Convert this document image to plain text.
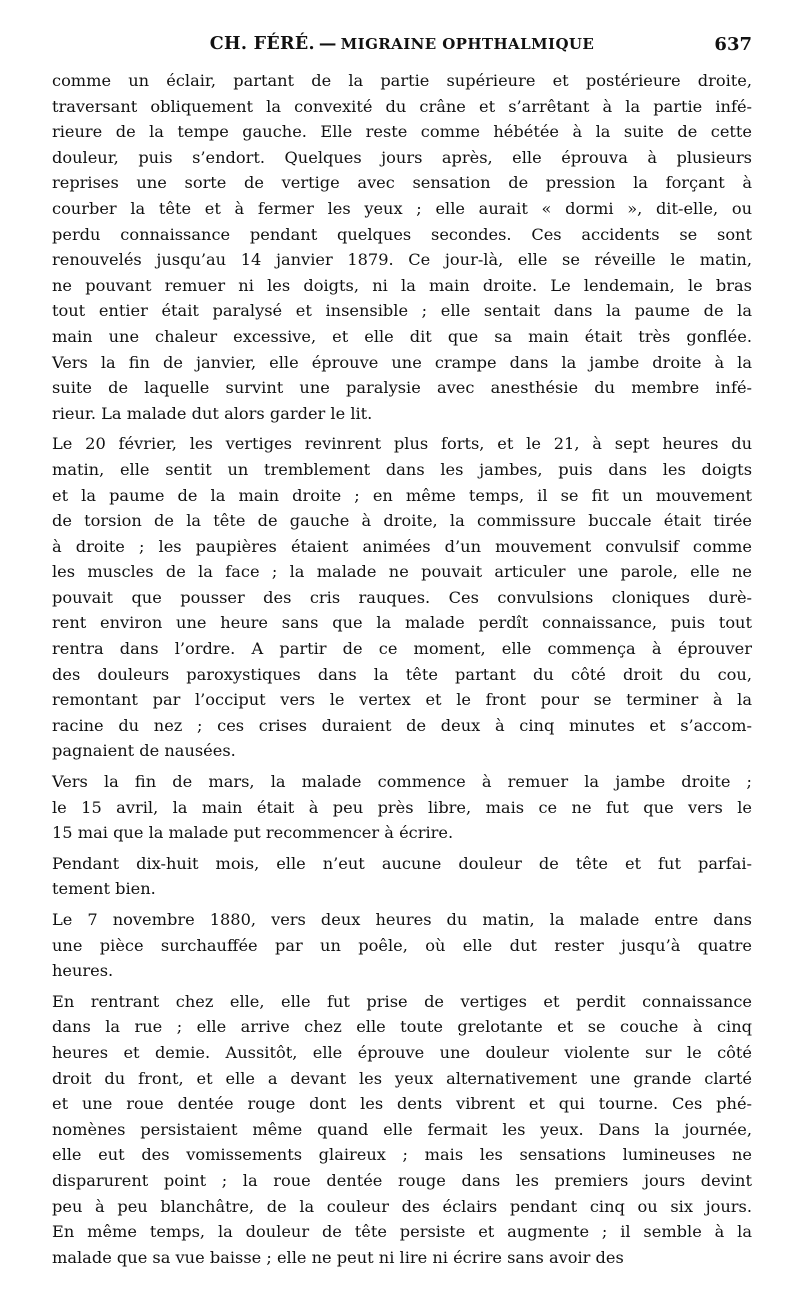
CH. FÉRÉ. — MIGRAINE OPHTHALMIQUE	637

comme un éclair, partant de la partie supérieure et postérieure droite,
traversant obliquement la convexité du crâne et s’arrêtant à la partie infé-
rieure de la tempe gauche. Elle reste comme hébétée à la suite de cette
douleur, puis s’endort. Quelques jours après, elle éprouva à plusieurs
reprises une sorte de vertige avec sensation de pression la forçant à
courber la tête et à fermer les yeux ; elle aurait « dormi », dit-elle, ou
perdu connaissance pendant quelques secondes. Ces accidents se sont
renouvelés jusqu’au 14 janvier 1879. Ce jour-là, elle se réveille le matin,
ne pouvant remuer ni les doigts, ni la main droite. Le lendemain, le bras
tout entier était paralysé et insensible ; elle sentait dans la paume de la
main une chaleur excessive, et elle dit que sa main était très gonflée.
Vers la fin de janvier, elle éprouve une crampe dans la jambe droite à la
suite de laquelle survint une paralysie avec anesthésie du membre infé-
rieur. La malade dut alors garder le lit.

Le 20 février, les vertiges revinrent plus forts, et le 21, à sept heures du
matin, elle sentit un tremblement dans les jambes, puis dans les doigts
et la paume de la main droite ; en même temps, il se fit un mouvement
de torsion de la tête de gauche à droite, la commissure buccale était tirée
à droite ; les paupières étaient animées d’un mouvement convulsif comme
les muscles de la face ; la malade ne pouvait articuler une parole, elle ne
pouvait que pousser des cris rauques. Ces convulsions cloniques durè-
rent environ une heure sans que la malade perdît connaissance, puis tout
rentra dans l’ordre. A partir de ce moment, elle commença à éprouver
des douleurs paroxystiques dans la tête partant du côté droit du cou,
remontant par l’occiput vers le vertex et le front pour se terminer à la
racine du nez ; ces crises duraient de deux à cinq minutes et s’accom-
pagnaient de nausées.

Vers la fin de mars, la malade commence à remuer la jambe droite ;
le 15 avril, la main était à peu près libre, mais ce ne fut que vers le
15 mai que la malade put recommencer à écrire.

Pendant dix-huit mois, elle n’eut aucune douleur de tête et fut parfai-
tement bien.

Le 7 novembre 1880, vers deux heures du matin, la malade entre dans
une pièce surchauffée par un poêle, où elle dut rester jusqu’à quatre
heures.

En rentrant chez elle, elle fut prise de vertiges et perdit connaissance
dans la rue ; elle arrive chez elle toute grelotante et se couche à cinq
heures et demie. Aussitôt, elle éprouve une douleur violente sur le côté
droit du front, et elle a devant les yeux alternativement une grande clarté
et une roue dentée rouge dont les dents vibrent et qui tourne. Ces phé-
nomènes persistaient même quand elle fermait les yeux. Dans la journée,
elle eut des vomissements glaireux ; mais les sensations lumineuses ne
disparurent point ; la roue dentée rouge dans les premiers jours devint
peu à peu blanchâtre, de la couleur des éclairs pendant cinq ou six jours.
En même temps, la douleur de tête persiste et augmente ; il semble à la
malade que sa vue baisse ; elle ne peut ni lire ni écrire sans avoir des
